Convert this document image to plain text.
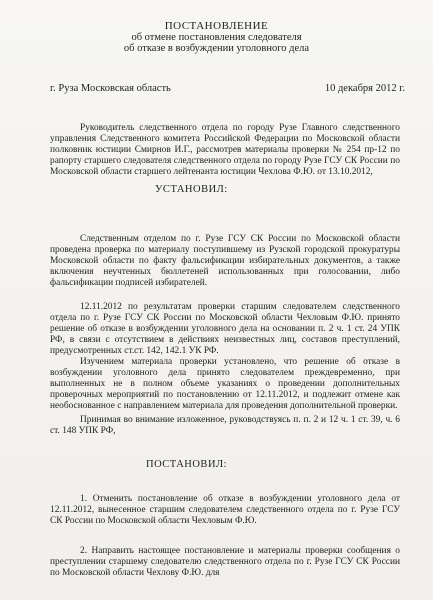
ПОСТАНОВЛЕНИЕ
об отмене постановления следователя
об отказе в возбуждении уголовного дела
г. Руза Московская область	10 декабря 2012 г.

Руководитель следственного отдела по городу Рузе Главного следственного управления Следственного комитета Российской Федерации по Московской области полковник юстиции Смирнов И.Г., рассмотрев материалы проверки № 254 пр-12 по рапорту старшего следователя следственного отдела по городу Рузе ГСУ СК России по Московской области старшего лейтенанта юстиции Чехлова Ф.Ю. от 13.10.2012,

УСТАНОВИЛ:

Следственным отделом по г. Рузе ГСУ СК России по Московской области проведена проверка по материалу поступившему из Рузской городской прокуратуры Московской области по факту фальсификации избирательных документов, а также включения неучтенных бюллетеней использованных при голосовании, либо фальсификации подписей избирателей.

12.11.2012 по результатам проверки старшим следователем следственного отдела по г. Рузе ГСУ СК России по Московской области Чехловым Ф.Ю. принято решение об отказе в возбуждении уголовного дела на основании п. 2 ч. 1 ст. 24 УПК РФ, в связи с отсутствием в действиях неизвестных лиц, составов преступлений, предусмотренных ст.ст. 142, 142.1 УК РФ.

Изучением материала проверки установлено, что решение об отказе в возбуждении уголовного дела принято следователем преждевременно, при выполненных не в полном объеме указаниях о проведении дополнительных проверочных мероприятий по постановлению от 12.11.2012, и подлежит отмене как необоснованное с направлением материала для проведения дополнительной проверки.

Принимая во внимание изложенное, руководствуясь п. п. 2 и 12 ч. 1 ст. 39, ч. 6 ст. 148 УПК РФ,

ПОСТАНОВИЛ:

1. Отменить постановление об отказе в возбуждении уголовного дела от 12.11.2012, вынесенное старшим следователем следственного отдела по г. Рузе ГСУ СК России по Московской области Чехловым Ф.Ю.

2. Направить настоящее постановление и материалы проверки сообщения о преступлении старшему следователю следственного отдела по г. Рузе ГСУ СК России по Московской области Чехлову Ф.Ю. для
